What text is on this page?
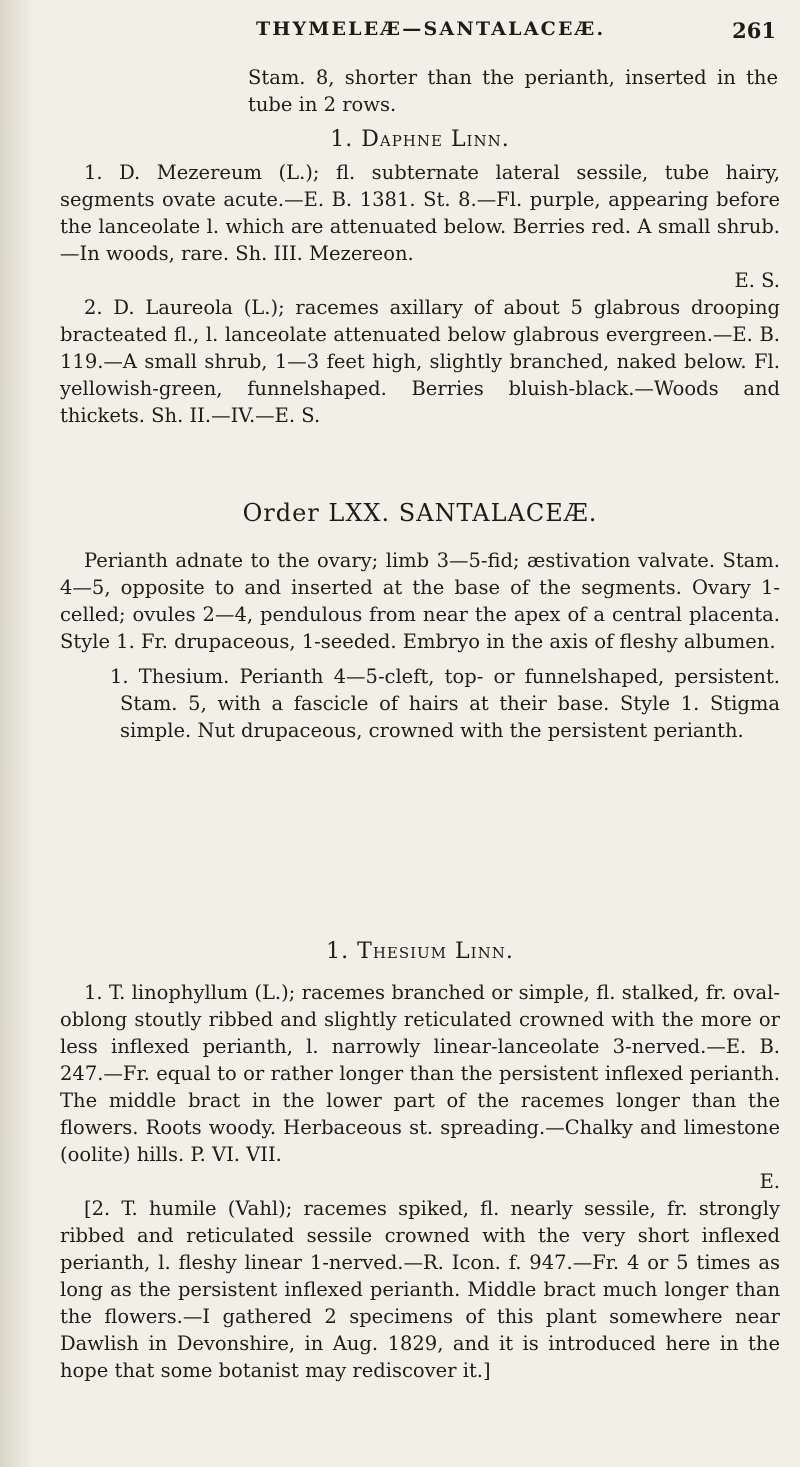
THYMELEÆ—SANTALACEÆ.	261

Stam. 8, shorter than the perianth, inserted in the tube in 2 rows.

1. Daphne Linn.

1. D. Mezereum (L.); fl. subternate lateral sessile, tube hairy, segments ovate acute.—E. B. 1381. St. 8.—Fl. purple, appearing before the lanceolate l. which are attenuated below. Berries red. A small shrub.—In woods, rare. Sh. III. Mezereon.

E. S.

2. D. Laureola (L.); racemes axillary of about 5 glabrous drooping bracteated fl., l. lanceolate attenuated below glabrous evergreen.—E. B. 119.—A small shrub, 1—3 feet high, slightly branched, naked below. Fl. yellowish-green, funnelshaped. Berries bluish-black.—Woods and thickets. Sh. II.—IV.—E. S.

Order LXX. SANTALACEÆ.

Perianth adnate to the ovary; limb 3—5-fid; æstivation valvate. Stam. 4—5, opposite to and inserted at the base of the segments. Ovary 1-celled; ovules 2—4, pendulous from near the apex of a central placenta. Style 1. Fr. drupaceous, 1-seeded. Embryo in the axis of fleshy albumen.

1. Thesium. Perianth 4—5-cleft, top- or funnelshaped, persistent. Stam. 5, with a fascicle of hairs at their base. Style 1. Stigma simple. Nut drupaceous, crowned with the persistent perianth.

1. Thesium Linn.

1. T. linophyllum (L.); racemes branched or simple, fl. stalked, fr. oval-oblong stoutly ribbed and slightly reticulated crowned with the more or less inflexed perianth, l. narrowly linear-lanceolate 3-nerved.—E. B. 247.—Fr. equal to or rather longer than the persistent inflexed perianth. The middle bract in the lower part of the racemes longer than the flowers. Roots woody. Herbaceous st. spreading.—Chalky and limestone (oolite) hills. P. VI. VII.

E.

[2. T. humile (Vahl); racemes spiked, fl. nearly sessile, fr. strongly ribbed and reticulated sessile crowned with the very short inflexed perianth, l. fleshy linear 1-nerved.—R. Icon. f. 947.—Fr. 4 or 5 times as long as the persistent inflexed perianth. Middle bract much longer than the flowers.—I gathered 2 specimens of this plant somewhere near Dawlish in Devonshire, in Aug. 1829, and it is introduced here in the hope that some botanist may rediscover it.]
